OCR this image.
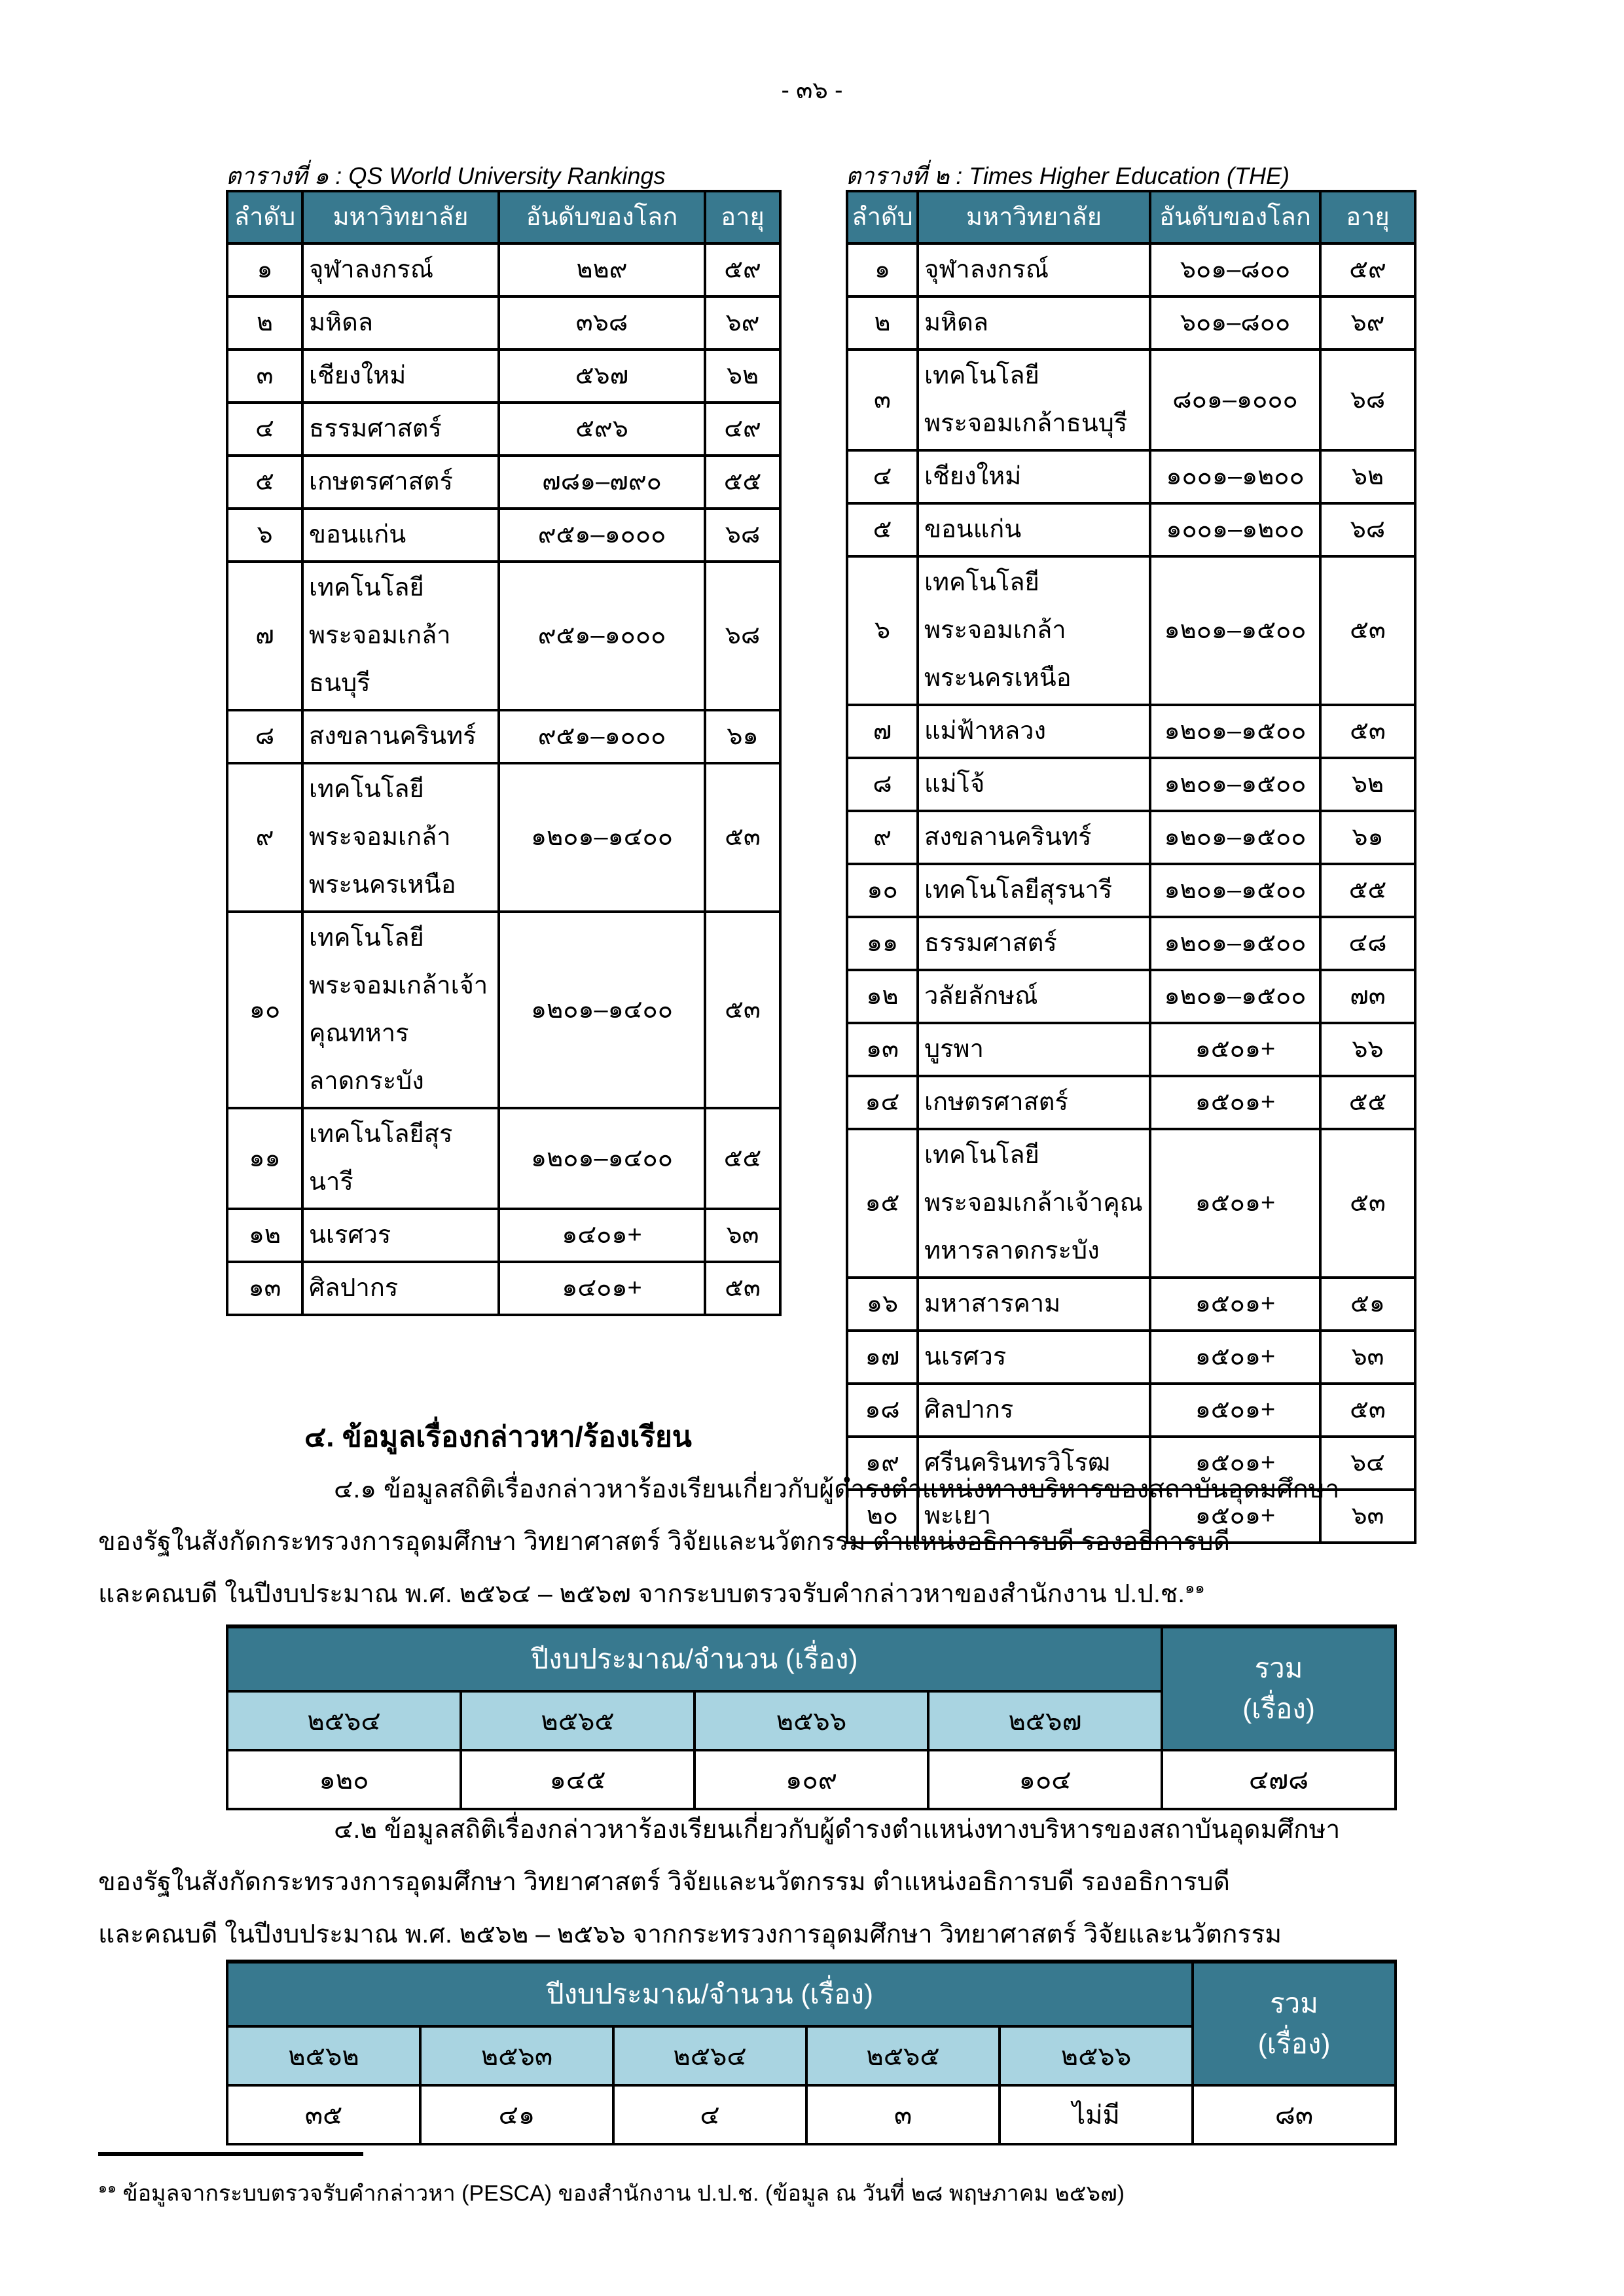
- ๓๖ -
ตารางที่ ๑ : QS World University Rankings
ลำดับ	มหาวิทยาลัย	อันดับของโลก	อายุ
๑	จุฬาลงกรณ์	๒๒๙	๕๙
๒	มหิดล	๓๖๘	๖๙
๓	เชียงใหม่	๕๖๗	๖๒
๔	ธรรมศาสตร์	๕๙๖	๔๙
๕	เกษตรศาสตร์	๗๘๑–๗๙๐	๕๕
๖	ขอนแก่น	๙๕๑–๑๐๐๐	๖๘
๗	เทคโนโลยีพระจอมเกล้าธนบุรี	๙๕๑–๑๐๐๐	๖๘
๘	สงขลานครินทร์	๙๕๑–๑๐๐๐	๖๑
๙	เทคโนโลยีพระจอมเกล้าพระนครเหนือ	๑๒๐๑–๑๔๐๐	๕๓
๑๐	เทคโนโลยีพระจอมเกล้าเจ้าคุณทหารลาดกระบัง	๑๒๐๑–๑๔๐๐	๕๓
๑๑	เทคโนโลยีสุรนารี	๑๒๐๑–๑๔๐๐	๕๕
๑๒	นเรศวร	๑๔๐๑+	๖๓
๑๓	ศิลปากร	๑๔๐๑+	๕๓
ตารางที่ ๒ : Times Higher Education (THE)
ลำดับ	มหาวิทยาลัย	อันดับของโลก	อายุ
๑	จุฬาลงกรณ์	๖๐๑–๘๐๐	๕๙
๒	มหิดล	๖๐๑–๘๐๐	๖๙
๓	เทคโนโลยีพระจอมเกล้าธนบุรี	๘๐๑–๑๐๐๐	๖๘
๔	เชียงใหม่	๑๐๐๑–๑๒๐๐	๖๒
๕	ขอนแก่น	๑๐๐๑–๑๒๐๐	๖๘
๖	เทคโนโลยีพระจอมเกล้าพระนครเหนือ	๑๒๐๑–๑๕๐๐	๕๓
๗	แม่ฟ้าหลวง	๑๒๐๑–๑๕๐๐	๕๓
๘	แม่โจ้	๑๒๐๑–๑๕๐๐	๖๒
๙	สงขลานครินทร์	๑๒๐๑–๑๕๐๐	๖๑
๑๐	เทคโนโลยีสุรนารี	๑๒๐๑–๑๕๐๐	๕๕
๑๑	ธรรมศาสตร์	๑๒๐๑–๑๕๐๐	๔๘
๑๒	วลัยลักษณ์	๑๒๐๑–๑๕๐๐	๗๓
๑๓	บูรพา	๑๕๐๑+	๖๖
๑๔	เกษตรศาสตร์	๑๕๐๑+	๕๕
๑๕	เทคโนโลยีพระจอมเกล้าเจ้าคุณทหารลาดกระบัง	๑๕๐๑+	๕๓
๑๖	มหาสารคาม	๑๕๐๑+	๕๑
๑๗	นเรศวร	๑๕๐๑+	๖๓
๑๘	ศิลปากร	๑๕๐๑+	๕๓
๑๙	ศรีนครินทรวิโรฒ	๑๕๐๑+	๖๔
๒๐	พะเยา	๑๕๐๑+	๖๓
๔. ข้อมูลเรื่องกล่าวหา/ร้องเรียน
๔.๑ ข้อมูลสถิติเรื่องกล่าวหาร้องเรียนเกี่ยวกับผู้ดำรงตำแหน่งทางบริหารของสถาบันอุดมศึกษา
ของรัฐในสังกัดกระทรวงการอุดมศึกษา วิทยาศาสตร์ วิจัยและนวัตกรรม ตำแหน่งอธิการบดี รองอธิการบดี
และคณบดี ในปีงบประมาณ พ.ศ. ๒๕๖๔ – ๒๕๖๗ จากระบบตรวจรับคำกล่าวหาของสำนักงาน ป.ป.ช.$^{๑๑}$
ปีงบประมาณ/จำนวน (เรื่อง)				รวม
(เรื่อง)

๒๕๖๔	๒๕๖๕	๒๕๖๖	๒๕๖๗	
๑๒๐	๑๔๕	๑๐๙	๑๐๔	๔๗๘
๔.๒ ข้อมูลสถิติเรื่องกล่าวหาร้องเรียนเกี่ยวกับผู้ดำรงตำแหน่งทางบริหารของสถาบันอุดมศึกษา
ของรัฐในสังกัดกระทรวงการอุดมศึกษา วิทยาศาสตร์ วิจัยและนวัตกรรม ตำแหน่งอธิการบดี รองอธิการบดี
และคณบดี ในปีงบประมาณ พ.ศ. ๒๕๖๒ – ๒๕๖๖ จากกระทรวงการอุดมศึกษา วิทยาศาสตร์ วิจัยและนวัตกรรม
ปีงบประมาณ/จำนวน (เรื่อง)					รวม
(เรื่อง)

๒๕๖๒	๒๕๖๓	๒๕๖๔	๒๕๖๕	๒๕๖๖	
๓๕	๔๑	๔	๓	ไม่มี	๘๓
$^{๑๑}$ ข้อมูลจากระบบตรวจรับคำกล่าวหา (PESCA) ของสำนักงาน ป.ป.ช. (ข้อมูล ณ วันที่ ๒๘ พฤษภาคม ๒๕๖๗)
